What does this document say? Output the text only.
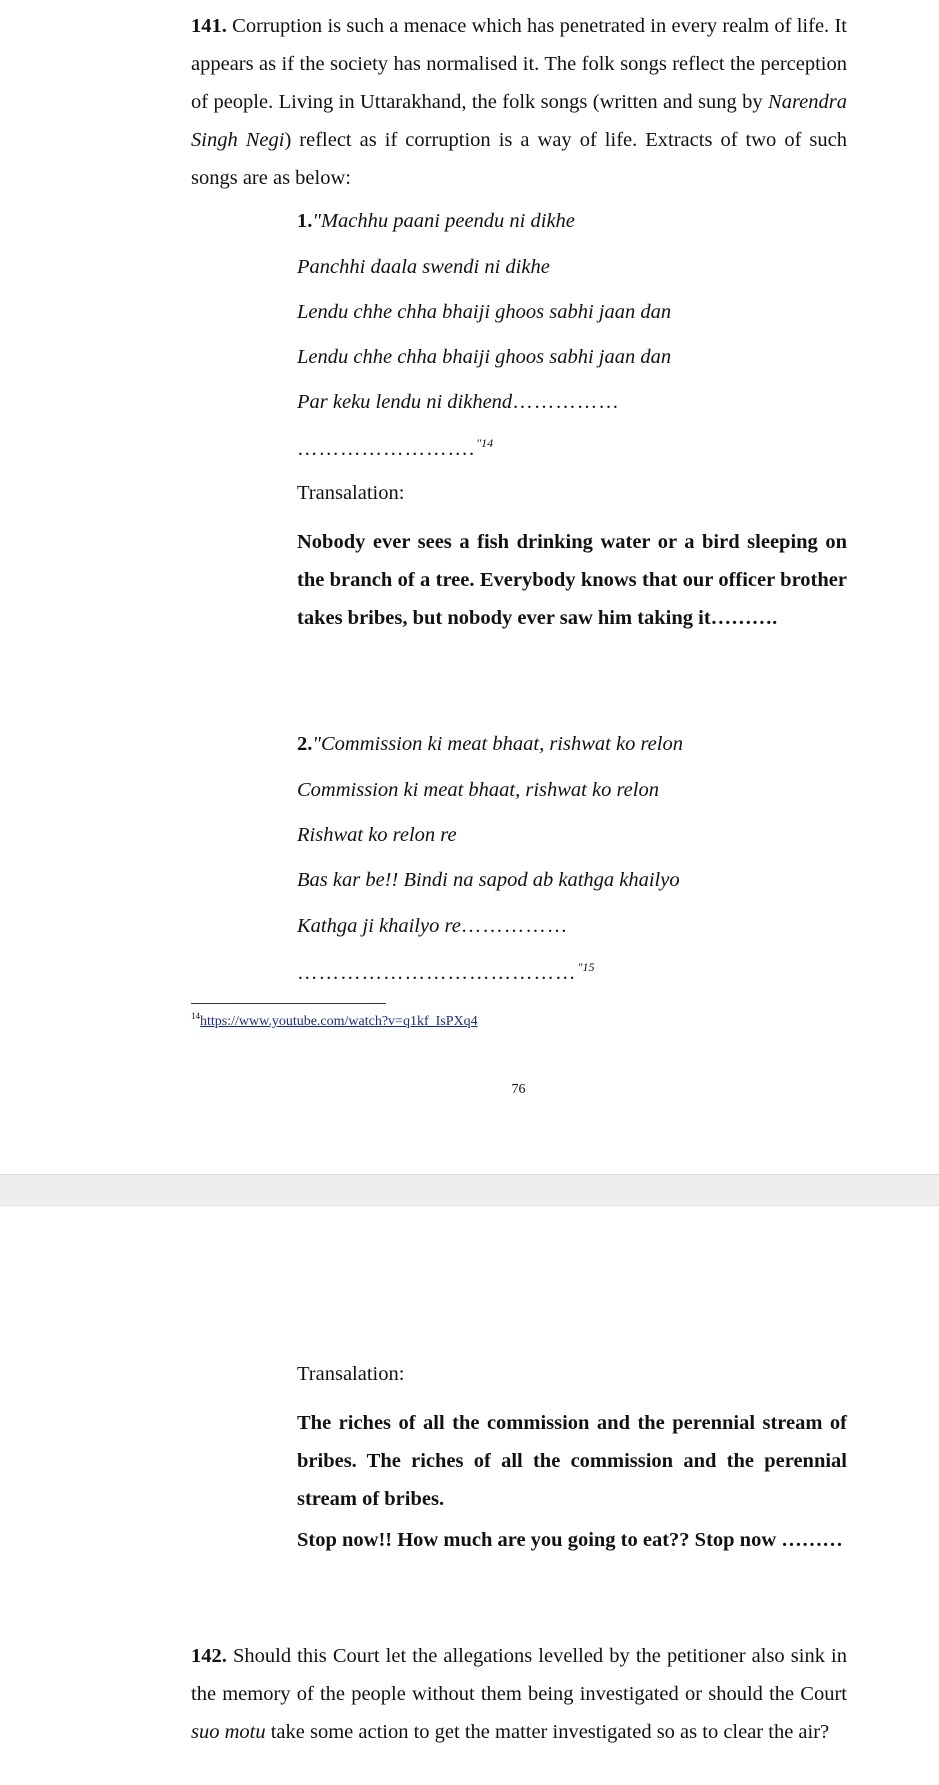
141. Corruption is such a menace which has penetrated in every realm of life. It appears as if the society has normalised it. The folk songs reflect the perception of people. Living in Uttarakhand, the folk songs (written and sung by Narendra Singh Negi) reflect as if corruption is a way of life. Extracts of two of such songs are as below:

1."Machhu paani peendu ni dikhe
Panchhi daala swendi ni dikhe
Lendu chhe chha bhaiji ghoos sabhi jaan dan
Lendu chhe chha bhaiji ghoos sabhi jaan dan
Par keku lendu ni dikhend……………
…………………….$^{"14}$
Transalation:

Nobody ever sees a fish drinking water or a bird sleeping on the branch of a tree. Everybody knows that our officer brother takes bribes, but nobody ever saw him taking it……….

2."Commission ki meat bhaat, rishwat ko relon
Commission ki meat bhaat, rishwat ko relon
Rishwat ko relon re
Bas kar be!! Bindi na sapod ab kathga khailyo
Kathga ji khailyo re……………
…………………………………$^{"15}$
$^{14}$https://www.youtube.com/watch?v=q1kf_IsPXq4
76
Transalation:

The riches of all the commission and the perennial stream of bribes. The riches of all the commission and the perennial stream of bribes.

Stop now!! How much are you going to eat?? Stop now ………

142. Should this Court let the allegations levelled by the petitioner also sink in the memory of the people without them being investigated or should the Court suo motu take some action to get the matter investigated so as to clear the air?
